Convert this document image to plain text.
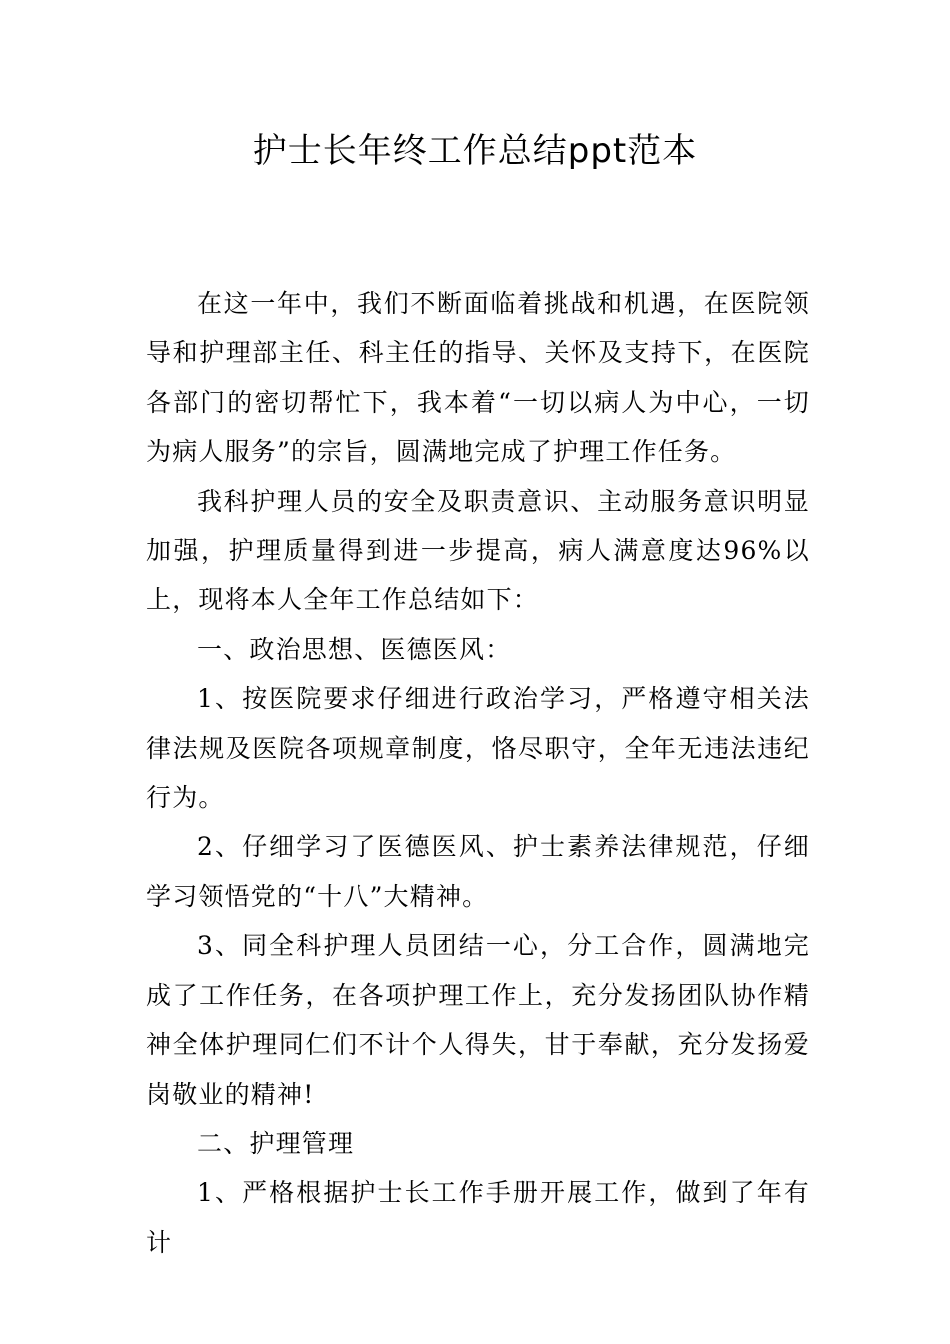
护士长年终工作总结ppt范本

在这一年中，我们不断面临着挑战和机遇，在医院领导和护理部主任、科主任的指导、关怀及支持下，在医院各部门的密切帮忙下，我本着“一切以病人为中心，一切为病人服务”的宗旨，圆满地完成了护理工作任务。

我科护理人员的安全及职责意识、主动服务意识明显加强，护理质量得到进一步提高，病人满意度达96%以上，现将本人全年工作总结如下：

一、政治思想、医德医风：

1、按医院要求仔细进行政治学习，严格遵守相关法律法规及医院各项规章制度，恪尽职守，全年无违法违纪行为。

2、仔细学习了医德医风、护士素养法律规范，仔细学习领悟党的“十八”大精神。

3、同全科护理人员团结一心，分工合作，圆满地完成了工作任务，在各项护理工作上，充分发扬团队协作精神全体护理同仁们不计个人得失，甘于奉献，充分发扬爱岗敬业的精神!

二、护理管理

1、严格根据护士长工作手册开展工作，做到了年有计
